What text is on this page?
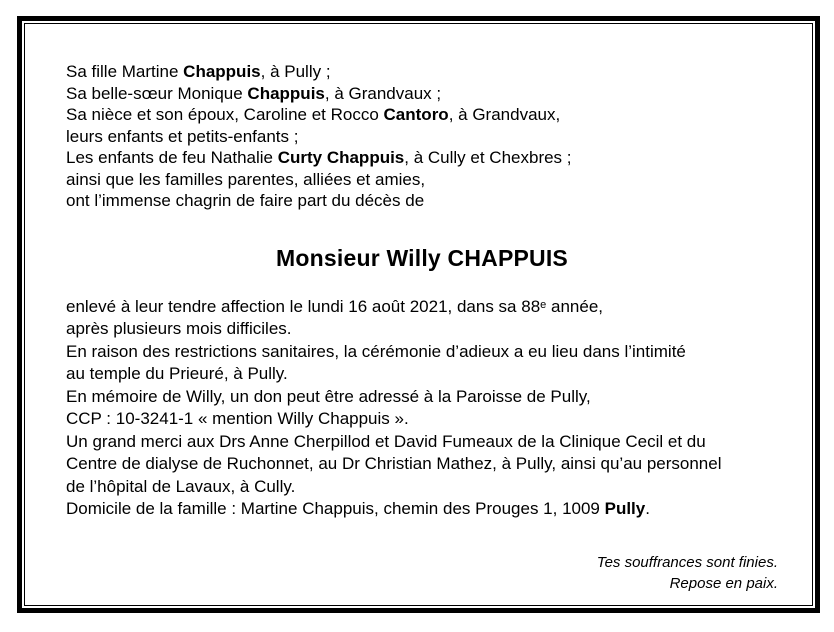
Sa fille Martine Chappuis, à Pully ;
Sa belle-sœur Monique Chappuis, à Grandvaux ;
Sa nièce et son époux, Caroline et Rocco Cantoro, à Grandvaux,
leurs enfants et petits-enfants ;
Les enfants de feu Nathalie Curty Chappuis, à Cully et Chexbres ;
ainsi que les familles parentes, alliées et amies,
ont l’immense chagrin de faire part du décès de
Monsieur Willy CHAPPUIS
enlevé à leur tendre affection le lundi 16 août 2021, dans sa 88e année,
après plusieurs mois difficiles.
En raison des restrictions sanitaires, la cérémonie d’adieux a eu lieu dans l’intimité
au temple du Prieuré, à Pully.
En mémoire de Willy, un don peut être adressé à la Paroisse de Pully,
CCP : 10-3241-1 « mention Willy Chappuis ».
Un grand merci aux Drs Anne Cherpillod et David Fumeaux de la Clinique Cecil et du
Centre de dialyse de Ruchonnet, au Dr Christian Mathez, à Pully, ainsi qu’au personnel
de l’hôpital de Lavaux, à Cully.
Domicile de la famille : Martine Chappuis, chemin des Prouges 1, 1009 Pully.
Tes souffrances sont finies.
Repose en paix.
